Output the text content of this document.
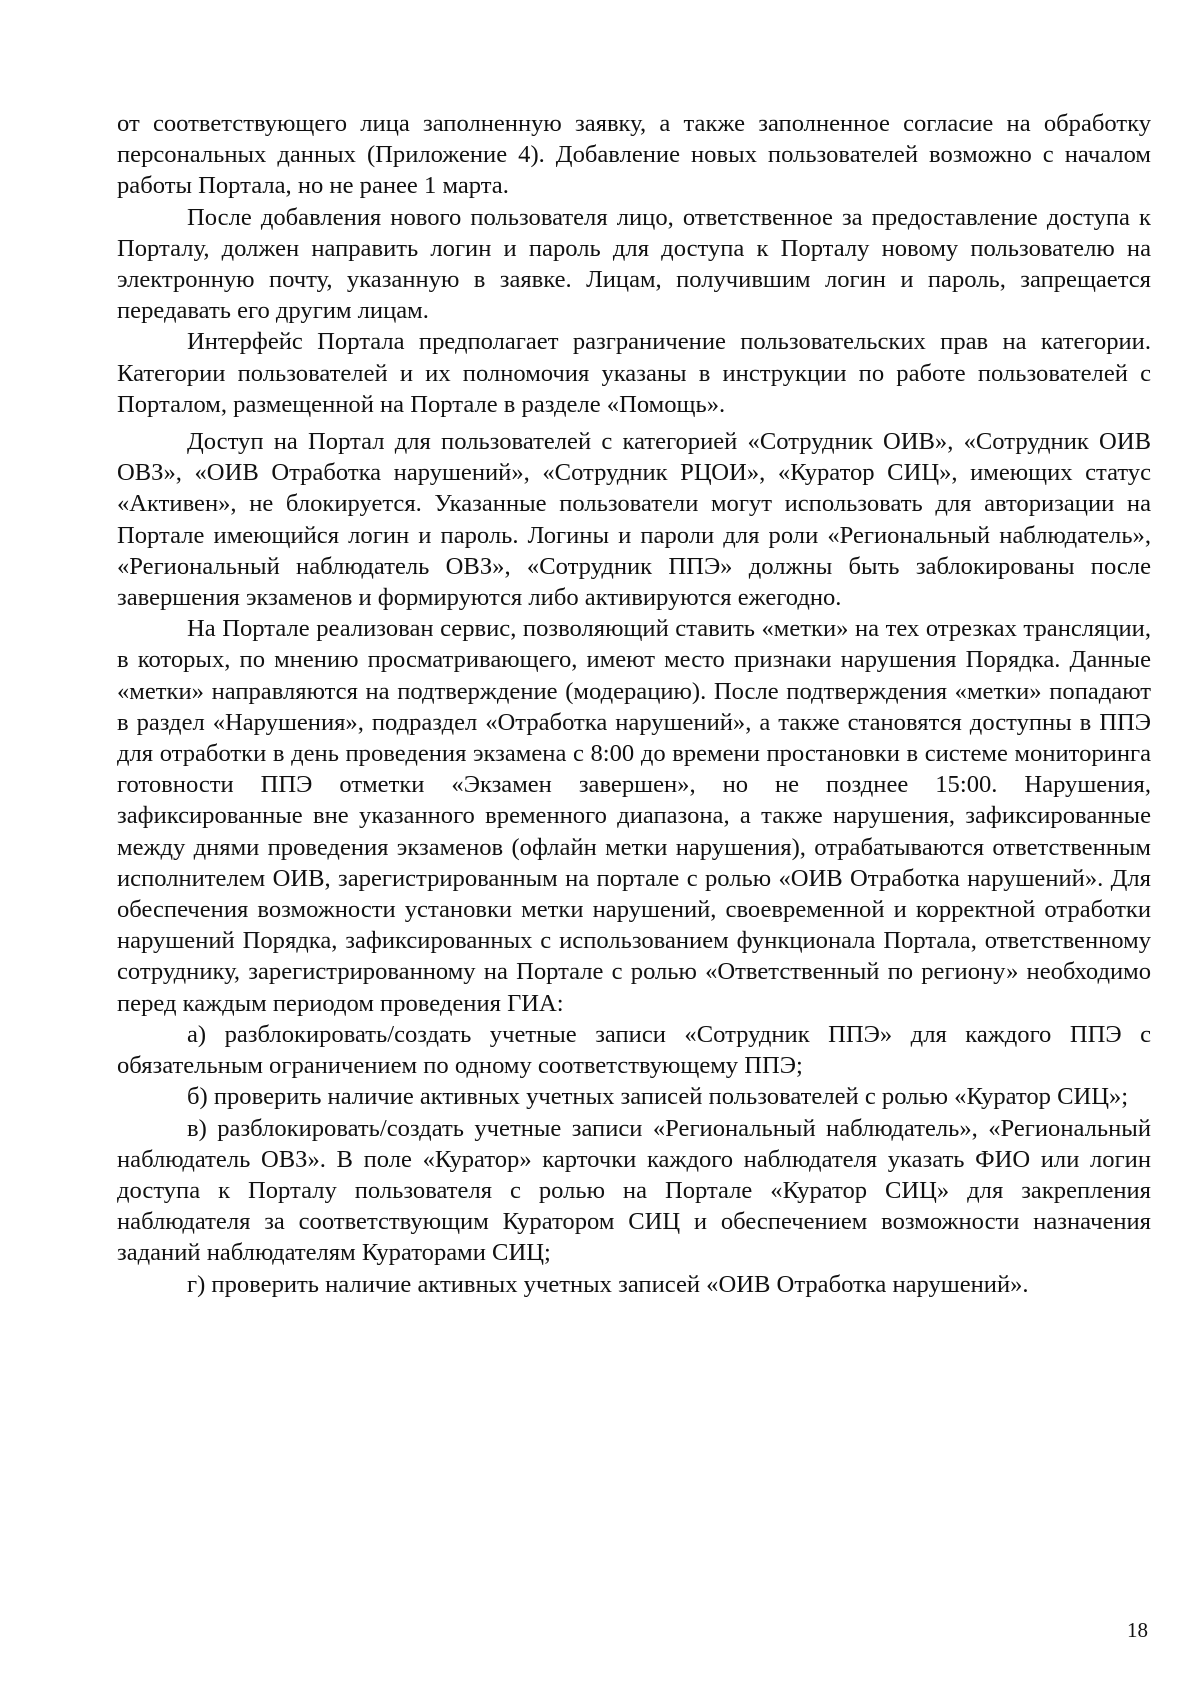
от соответствующего лица заполненную заявку, а также заполненное согласие на обработку персональных данных (Приложение 4). Добавление новых пользователей возможно с началом работы Портала, но не ранее 1 марта.

После добавления нового пользователя лицо, ответственное за предоставление доступа к Порталу, должен направить логин и пароль для доступа к Порталу новому пользователю на электронную почту, указанную в заявке. Лицам, получившим логин и пароль, запрещается передавать его другим лицам.

Интерфейс Портала предполагает разграничение пользовательских прав на категории. Категории пользователей и их полномочия указаны в инструкции по работе пользователей с Порталом, размещенной на Портале в разделе «Помощь».

Доступ на Портал для пользователей с категорией «Сотрудник ОИВ», «Сотрудник ОИВ ОВЗ», «ОИВ Отработка нарушений», «Сотрудник РЦОИ», «Куратор СИЦ», имеющих статус «Активен», не блокируется. Указанные пользователи могут использовать для авторизации на Портале имеющийся логин и пароль. Логины и пароли для роли «Региональный наблюдатель», «Региональный наблюдатель ОВЗ», «Сотрудник ППЭ» должны быть заблокированы после завершения экзаменов и формируются либо активируются ежегодно.

На Портале реализован сервис, позволяющий ставить «метки» на тех отрезках трансляции, в которых, по мнению просматривающего, имеют место признаки нарушения Порядка. Данные «метки» направляются на подтверждение (модерацию). После подтверждения «метки» попадают в раздел «Нарушения», подраздел «Отработка нарушений», а также становятся доступны в ППЭ для отработки в день проведения экзамена с 8:00 до времени простановки в системе мониторинга готовности ППЭ отметки «Экзамен завершен», но не позднее 15:00. Нарушения, зафиксированные вне указанного временного диапазона, а также нарушения, зафиксированные между днями проведения экзаменов (офлайн метки нарушения), отрабатываются ответственным исполнителем ОИВ, зарегистрированным на портале с ролью «ОИВ Отработка нарушений». Для обеспечения возможности установки метки нарушений, своевременной и корректной отработки нарушений Порядка, зафиксированных с использованием функционала Портала, ответственному сотруднику, зарегистрированному на Портале с ролью «Ответственный по региону» необходимо перед каждым периодом проведения ГИА:

а) разблокировать/создать учетные записи «Сотрудник ППЭ» для каждого ППЭ с обязательным ограничением по одному соответствующему ППЭ;

б) проверить наличие активных учетных записей пользователей с ролью «Куратор СИЦ»;

в) разблокировать/создать учетные записи «Региональный наблюдатель», «Региональный наблюдатель ОВЗ». В поле «Куратор» карточки каждого наблюдателя указать ФИО или логин доступа к Порталу пользователя с ролью на Портале «Куратор СИЦ» для закрепления наблюдателя за соответствующим Куратором СИЦ и обеспечением возможности назначения заданий наблюдателям Кураторами СИЦ;

г) проверить наличие активных учетных записей «ОИВ Отработка нарушений».

18
